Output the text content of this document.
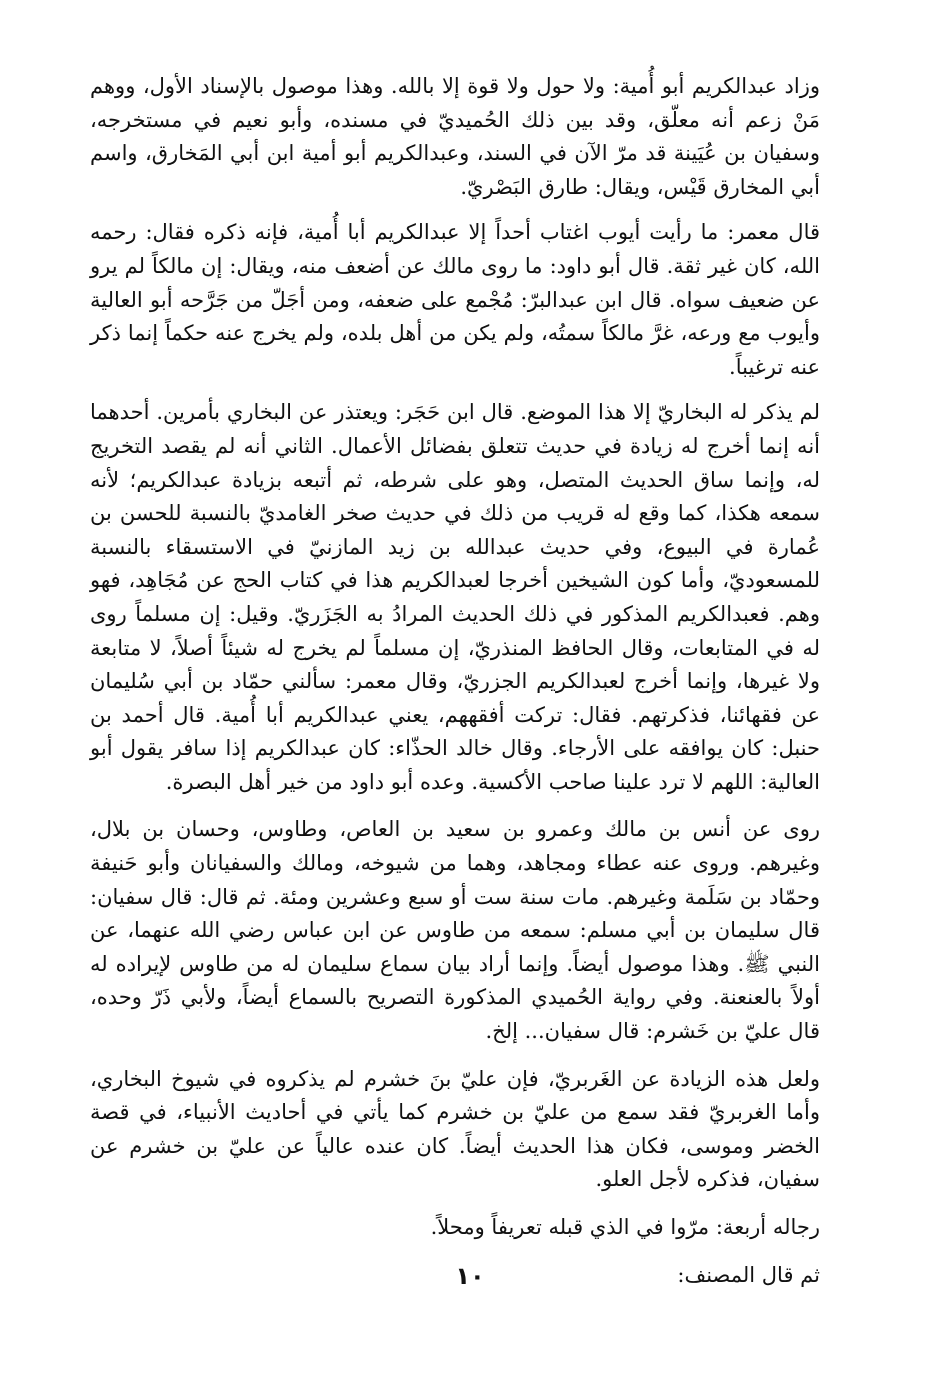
وزاد عبدالكريم أبو أُمية: ولا حول ولا قوة إلا بالله. وهذا موصول بالإسناد الأول، ووهم مَنْ زعم أنه معلّق، وقد بين ذلك الحُميديّ في مسنده، وأبو نعيم في مستخرجه، وسفيان بن عُيَينة قد مرّ الآن في السند، وعبدالكريم أبو أمية ابن أبي المَخارق، واسم أبي المخارق قَيْس، ويقال: طارق البَصْريّ.

قال معمر: ما رأيت أيوب اغتاب أحداً إلا عبدالكريم أبا أُمية، فإنه ذكره فقال: رحمه الله، كان غير ثقة. قال أبو داود: ما روى مالك عن أضعف منه، ويقال: إن مالكاً لم يرو عن ضعيف سواه. قال ابن عبدالبرّ: مُجْمع على ضعفه، ومن أجَلّ من جَرَّحه أبو العالية وأيوب مع ورعه، غرَّ مالكاً سمتُه، ولم يكن من أهل بلده، ولم يخرج عنه حكماً إنما ذكر عنه ترغيباً.

لم يذكر له البخاريّ إلا هذا الموضع. قال ابن حَجَر: ويعتذر عن البخاري بأمرين. أحدهما أنه إنما أخرج له زيادة في حديث تتعلق بفضائل الأعمال. الثاني أنه لم يقصد التخريج له، وإنما ساق الحديث المتصل، وهو على شرطه، ثم أتبعه بزيادة عبدالكريم؛ لأنه سمعه هكذا، كما وقع له قريب من ذلك في حديث صخر الغامديّ بالنسبة للحسن بن عُمارة في البيوع، وفي حديث عبدالله بن زيد المازنيّ في الاستسقاء بالنسبة للمسعوديّ، وأما كون الشيخين أخرجا لعبدالكريم هذا في كتاب الحج عن مُجَاهِد، فهو وهم. فعبدالكريم المذكور في ذلك الحديث المرادُ به الجَزَريّ. وقيل: إن مسلماً روى له في المتابعات، وقال الحافظ المنذريّ، إن مسلماً لم يخرج له شيئاً أصلاً، لا متابعة ولا غيرها، وإنما أخرج لعبدالكريم الجزريّ، وقال معمر: سألني حمّاد بن أبي سُليمان عن فقهائنا، فذكرتهم. فقال: تركت أفقههم، يعني عبدالكريم أبا أُمية. قال أحمد بن حنبل: كان يوافقه على الأرجاء. وقال خالد الحذّاء: كان عبدالكريم إذا سافر يقول أبو العالية: اللهم لا ترد علينا صاحب الأكسية. وعده أبو داود من خير أهل البصرة.

روى عن أنس بن مالك وعمرو بن سعيد بن العاص، وطاوس، وحسان بن بلال، وغيرهم. وروى عنه عطاء ومجاهد، وهما من شيوخه، ومالك والسفيانان وأبو حَنيفة وحمّاد بن سَلَمة وغيرهم. مات سنة ست أو سبع وعشرين ومئة. ثم قال: قال سفيان: قال سليمان بن أبي مسلم: سمعه من طاوس عن ابن عباس رضي الله عنهما، عن النبي ﷺ. وهذا موصول أيضاً. وإنما أراد بيان سماع سليمان له من طاوس لإيراده له أولاً بالعنعنة. وفي رواية الحُميدي المذكورة التصريح بالسماع أيضاً، ولأبي ذَرّ وحده، قال عليّ بن خَشرم: قال سفيان... إلخ.

ولعل هذه الزيادة عن الغَربريّ، فإن عليّ بنَ خشرم لم يذكروه في شيوخ البخاري، وأما الغربريّ فقد سمع من عليّ بن خشرم كما يأتي في أحاديث الأنبياء، في قصة الخضر وموسى، فكان هذا الحديث أيضاً. كان عنده عالياً عن عليّ بن خشرم عن سفيان، فذكره لأجل العلو.

رجاله أربعة: مرّوا في الذي قبله تعريفاً ومحلاً.

ثم قال المصنف:

١٠
